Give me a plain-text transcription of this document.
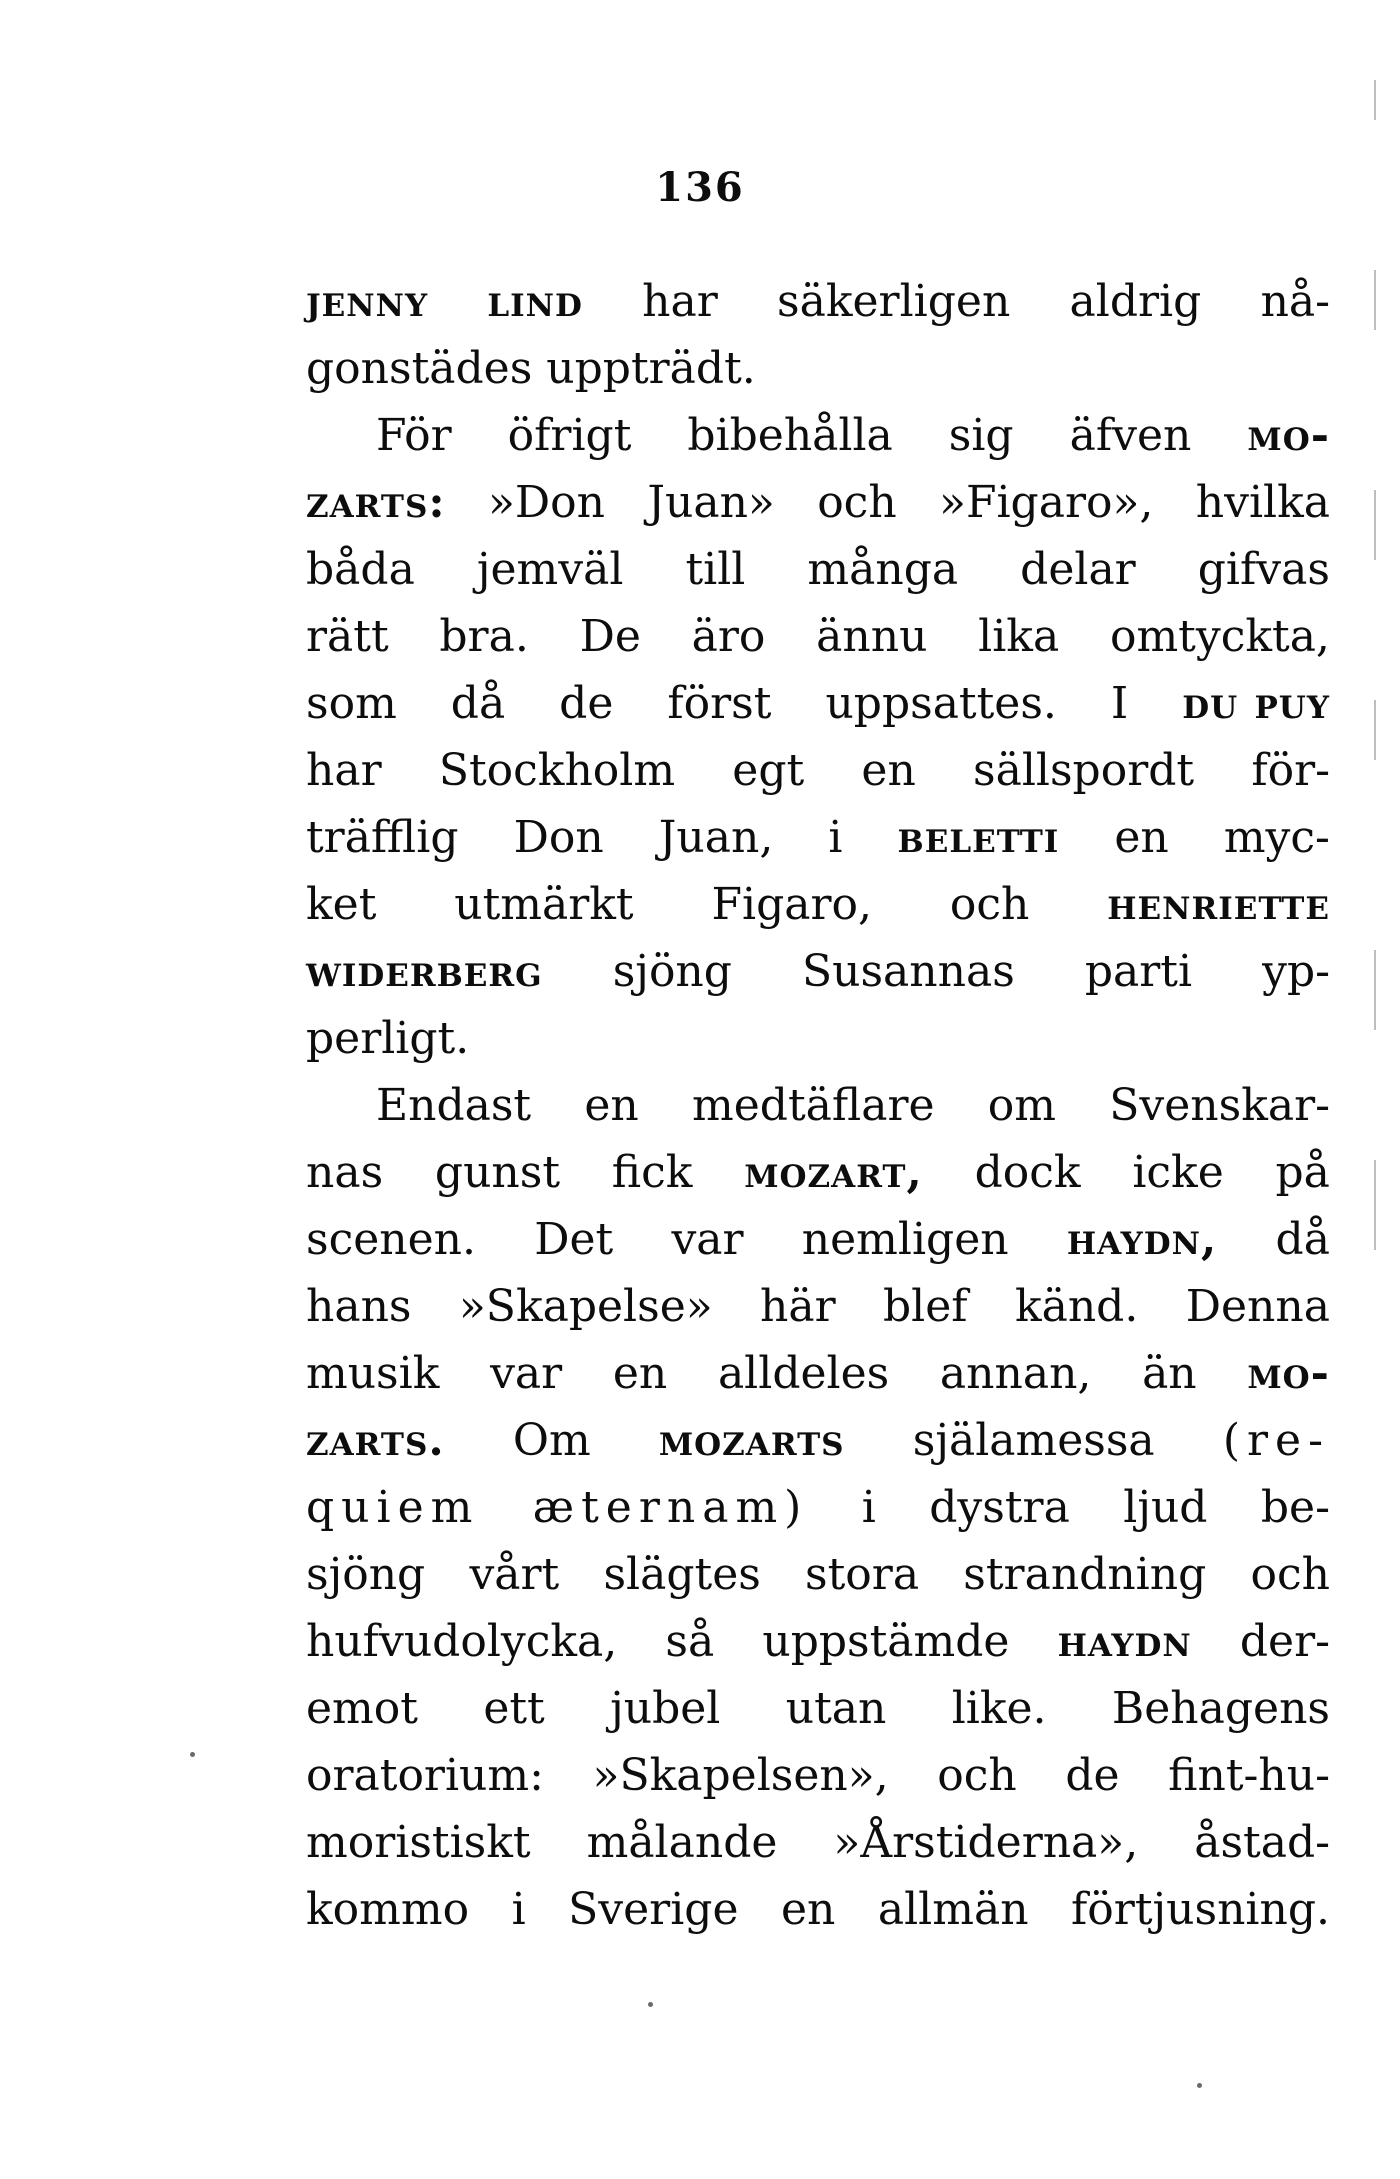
136
jenny lind har säkerligen aldrig nå-
gonstädes uppträdt.
För öfrigt bibehålla sig äfven mo-
zarts: »Don Juan» och »Figaro», hvilka
båda jemväl till många delar gifvas
rätt bra. De äro ännu lika omtyckta,
som då de först uppsattes. I du puy
har Stockholm egt en sällspordt för-
träfflig Don Juan, i beletti en myc-
ket utmärkt Figaro, och henriette
widerberg sjöng Susannas parti yp-
perligt.
Endast en medtäflare om Svenskar-
nas gunst fick mozart, dock icke på
scenen. Det var nemligen haydn, då
hans »Skapelse» här blef känd. Denna
musik var en alldeles annan, än mo-
zarts. Om mozarts själamessa (re-
quiem æternam) i dystra ljud be-
sjöng vårt slägtes stora strandning och
hufvudolycka, så uppstämde haydn der-
emot ett jubel utan like. Behagens
oratorium: »Skapelsen», och de fint-hu-
moristiskt målande »Årstiderna», åstad-
kommo i Sverige en allmän förtjusning.
